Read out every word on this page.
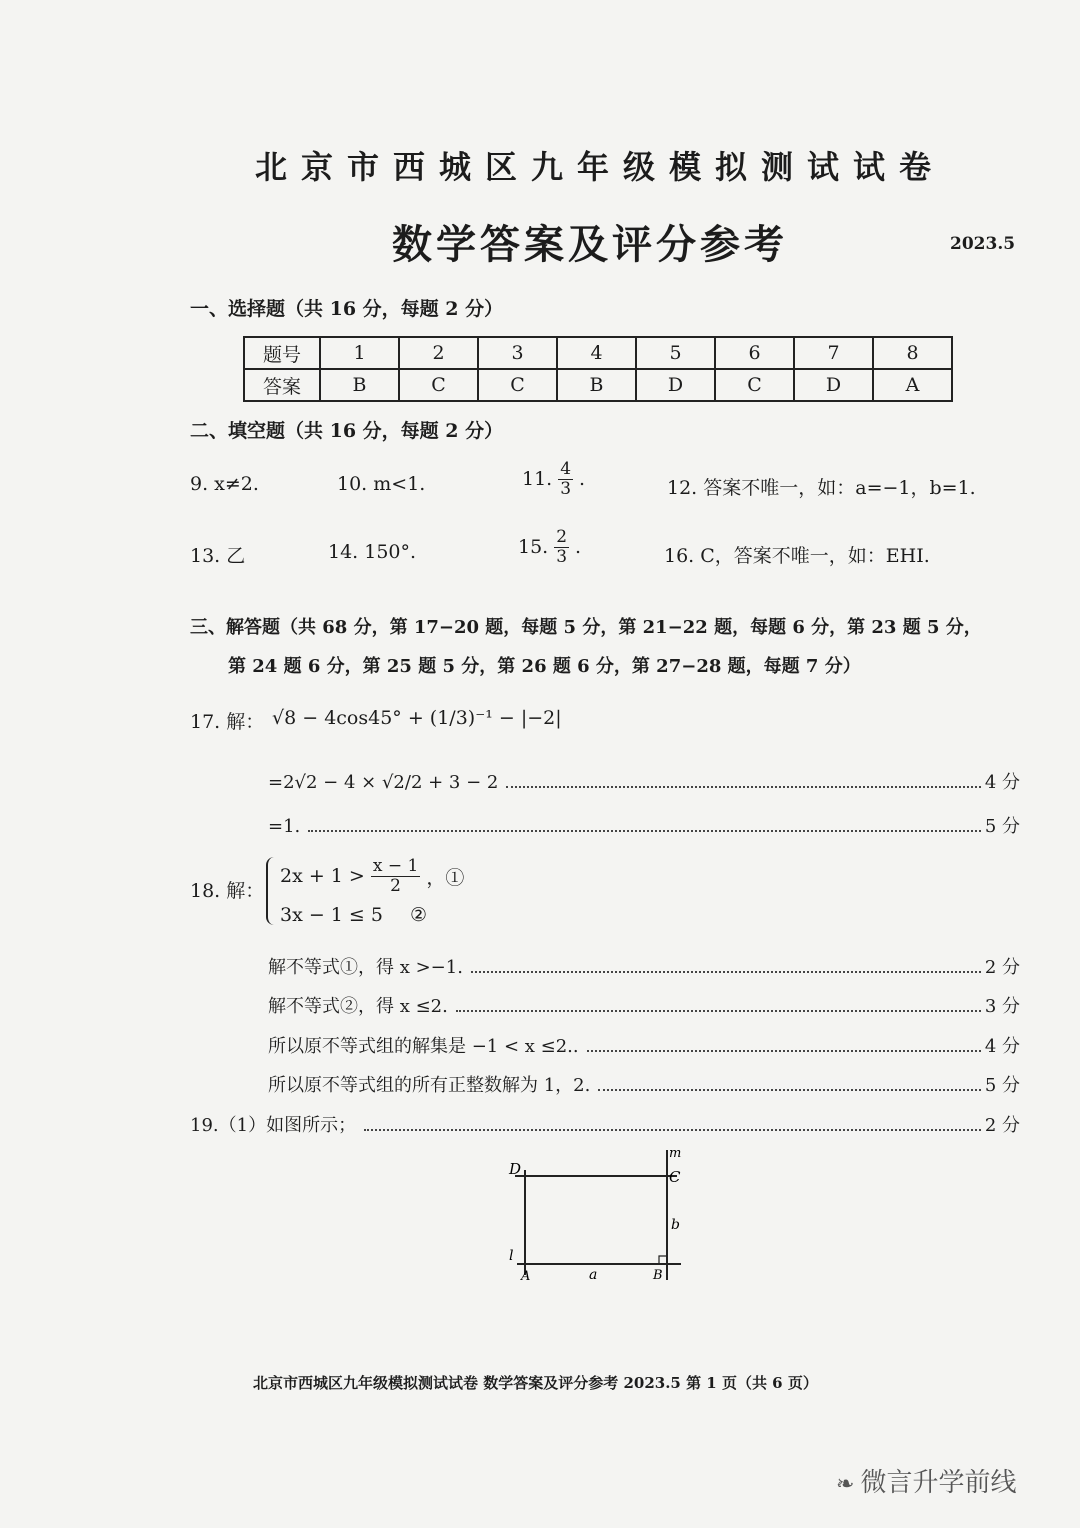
北京市西城区九年级模拟测试试卷
数学答案及评分参考	2023.5
一、选择题（共 16 分，每题 2 分）
题号	1	2	3	4	5	6	7	8
答案	B	C	C	B	D	C	D	A
二、填空题（共 16 分，每题 2 分）
9. x≠2.	10. m<1.	11. $\frac{4}{3}$ .	12. 答案不唯一，如：a=−1，b=1.
13. 乙	14. 150°.	15. $\frac{2}{3}$ .	16. C，答案不唯一，如：EHI.
三、解答题（共 68 分，第 17−20 题，每题 5 分，第 21−22 题，每题 6 分，第 23 题 5 分，
第 24 题 6 分，第 25 题 5 分，第 26 题 6 分，第 27−28 题，每题 7 分）
17. 解： √8 − 4cos45° + (1/3)⁻¹ − |−2|
=2√2 − 4 × √2/2 + 3 − 2	4 分
=1.	5 分
18. 解：
$2x + 1 > \frac{x - 1}{2}$ ，①
3x − 1 ≤ 5 ②
解不等式①，得 x >−1.	2 分
解不等式②，得 x ≤2.	3 分
所以原不等式组的解集是 −1 < x ≤2..	4 分
所以原不等式组的所有正整数解为 1，2.	5 分
19.（1）如图所示；	2 分
D	C
m
b
l
A	a	B
北京市西城区九年级模拟测试试卷 数学答案及评分参考 2023.5 第 1 页（共 6 页）
❧ 微言升学前线
